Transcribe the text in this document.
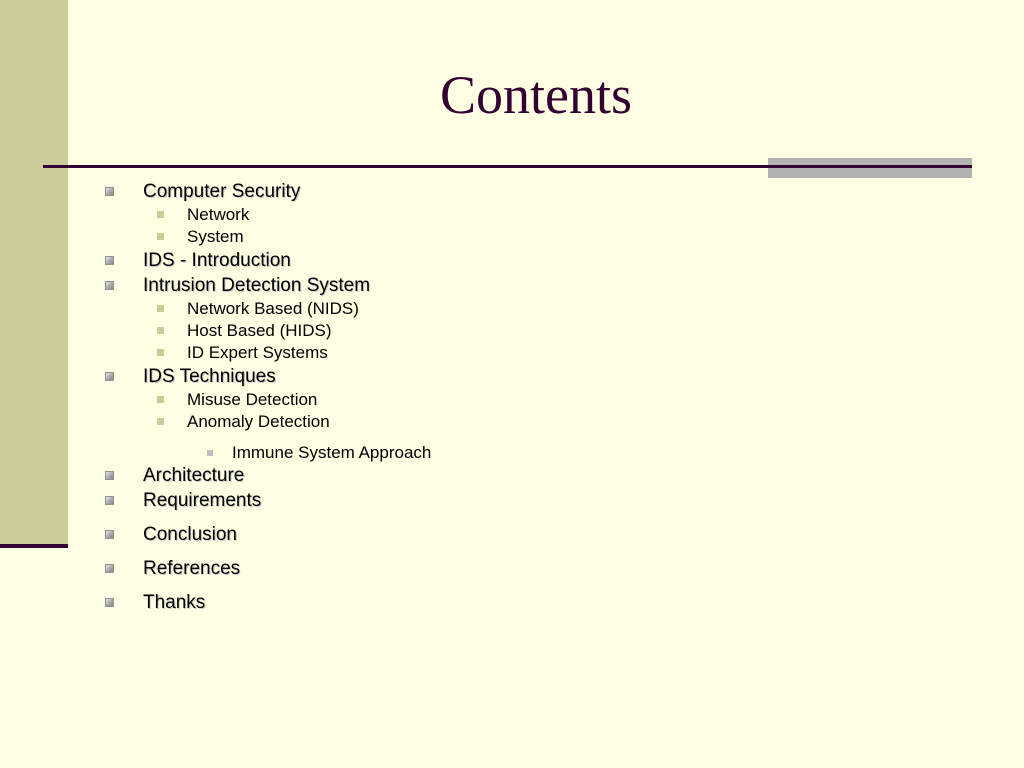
Contents
Computer Security
Network
System
IDS - Introduction
Intrusion Detection System
Network Based (NIDS)
Host Based (HIDS)
ID Expert Systems
IDS Techniques
Misuse Detection
Anomaly Detection
Immune System Approach
Architecture
Requirements
Conclusion
References
Thanks
